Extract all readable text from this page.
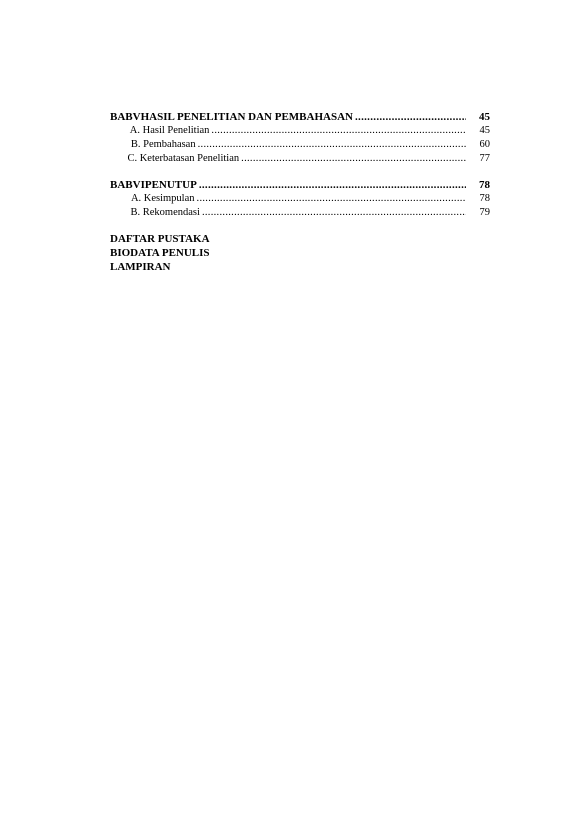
BAB V HASIL PENELITIAN DAN PEMBAHASAN .....	45
A. Hasil Penelitian .....	45
B. Pembahasan .....	60
C. Keterbatasan Penelitian .....	77
BAB VI PENUTUP .....	78
A. Kesimpulan .....	78
B. Rekomendasi .....	79
DAFTAR PUSTAKA
BIODATA PENULIS
LAMPIRAN
